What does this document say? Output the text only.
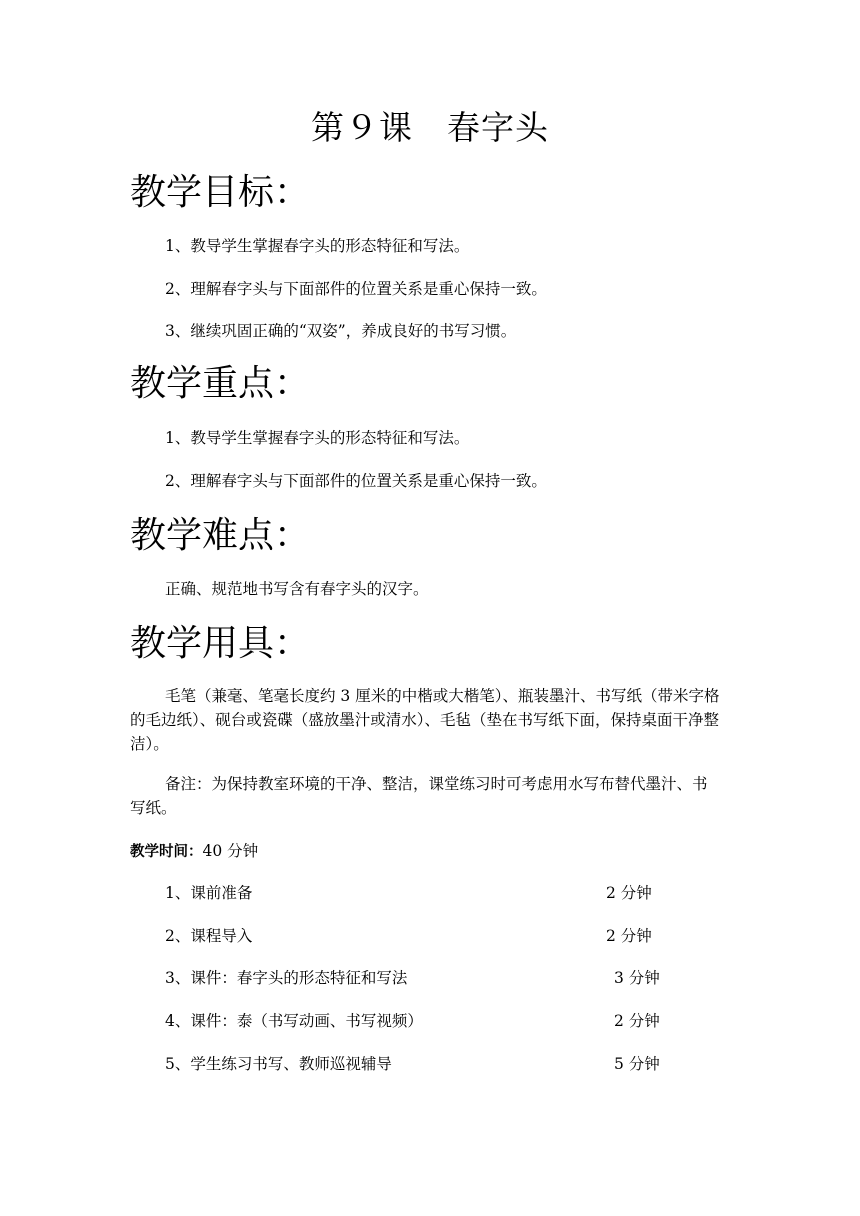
第９课　春字头
教学目标：
1、教导学生掌握春字头的形态特征和写法。
2、理解春字头与下面部件的位置关系是重心保持一致。
3、继续巩固正确的“双姿”，养成良好的书写习惯。
教学重点：
1、教导学生掌握春字头的形态特征和写法。
2、理解春字头与下面部件的位置关系是重心保持一致。
教学难点：
正确、规范地书写含有春字头的汉字。
教学用具：
毛笔（兼毫、笔毫长度约 3 厘米的中楷或大楷笔）、瓶装墨汁、书写纸（带米字格的毛边纸）、砚台或瓷碟（盛放墨汁或清水）、毛毡（垫在书写纸下面，保持桌面干净整洁）。
备注：为保持教室环境的干净、整洁，课堂练习时可考虑用水写布替代墨汁、书写纸。
教学时间：40 分钟
1、课前准备	2 分钟
2、课程导入	2 分钟
3、课件：春字头的形态特征和写法	3 分钟
4、课件：泰（书写动画、书写视频）	2 分钟
5、学生练习书写、教师巡视辅导	5 分钟
